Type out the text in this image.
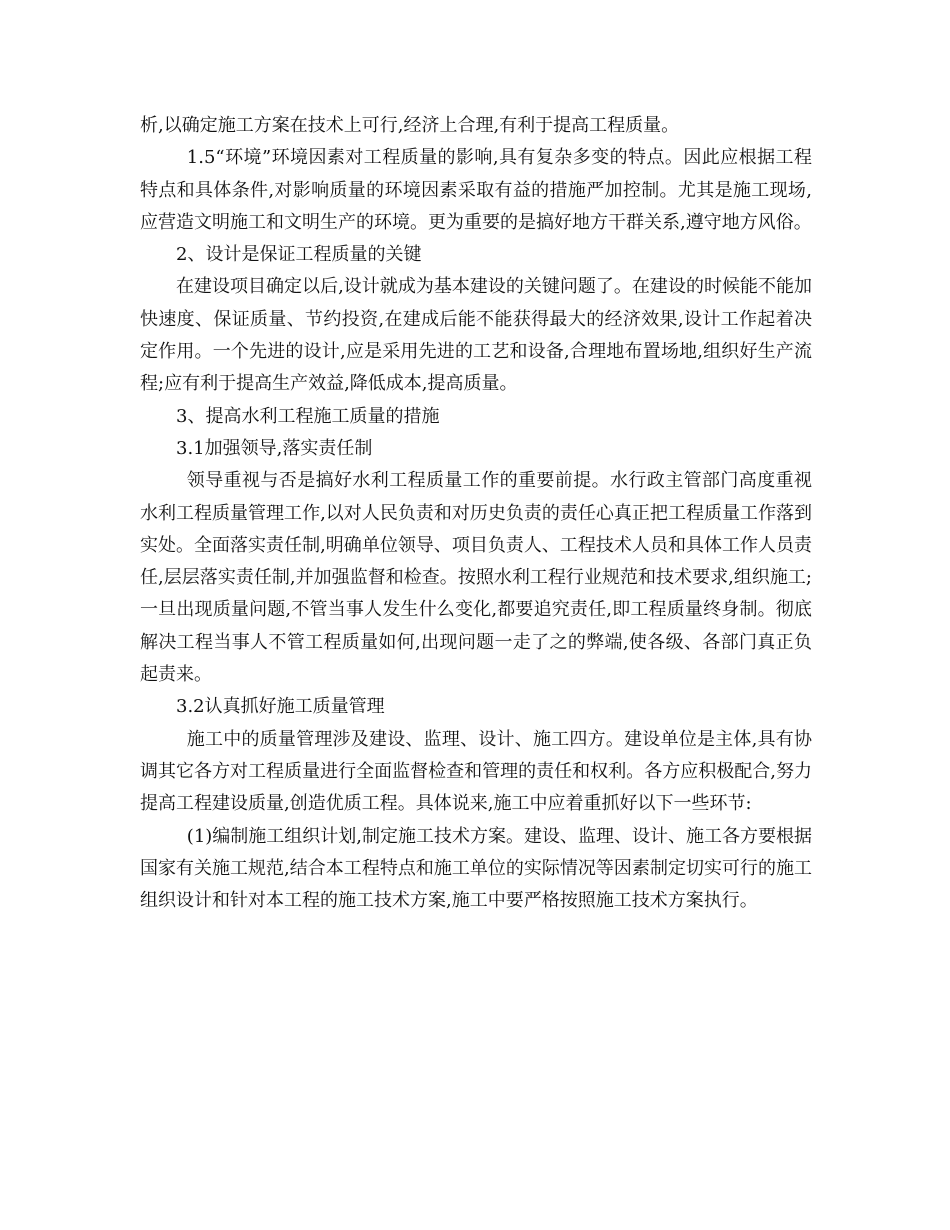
析,以确定施工方案在技术上可行,经济上合理,有利于提高工程质量。

1.5“环境”环境因素对工程质量的影响,具有复杂多变的特点。因此应根据工程特点和具体条件,对影响质量的环境因素采取有益的措施严加控制。尤其是施工现场,应营造文明施工和文明生产的环境。更为重要的是搞好地方干群关系,遵守地方风俗。

2、设计是保证工程质量的关键

在建设项目确定以后,设计就成为基本建设的关键问题了。在建设的时候能不能加快速度、保证质量、节约投资,在建成后能不能获得最大的经济效果,设计工作起着决定作用。一个先进的设计,应是采用先进的工艺和设备,合理地布置场地,组织好生产流程;应有利于提高生产效益,降低成本,提高质量。

3、提高水利工程施工质量的措施

3.1加强领导,落实责任制

领导重视与否是搞好水利工程质量工作的重要前提。水行政主管部门高度重视水利工程质量管理工作,以对人民负责和对历史负责的责任心真正把工程质量工作落到实处。全面落实责任制,明确单位领导、项目负责人、工程技术人员和具体工作人员责任,层层落实责任制,并加强监督和检查。按照水利工程行业规范和技术要求,组织施工;一旦出现质量问题,不管当事人发生什么变化,都要追究责任,即工程质量终身制。彻底解决工程当事人不管工程质量如何,出现问题一走了之的弊端,使各级、各部门真正负起责来。

3.2认真抓好施工质量管理

施工中的质量管理涉及建设、监理、设计、施工四方。建设单位是主体,具有协调其它各方对工程质量进行全面监督检查和管理的责任和权利。各方应积极配合,努力提高工程建设质量,创造优质工程。具体说来,施工中应着重抓好以下一些环节:

(1)编制施工组织计划,制定施工技术方案。建设、监理、设计、施工各方要根据国家有关施工规范,结合本工程特点和施工单位的实际情况等因素制定切实可行的施工组织设计和针对本工程的施工技术方案,施工中要严格按照施工技术方案执行。
